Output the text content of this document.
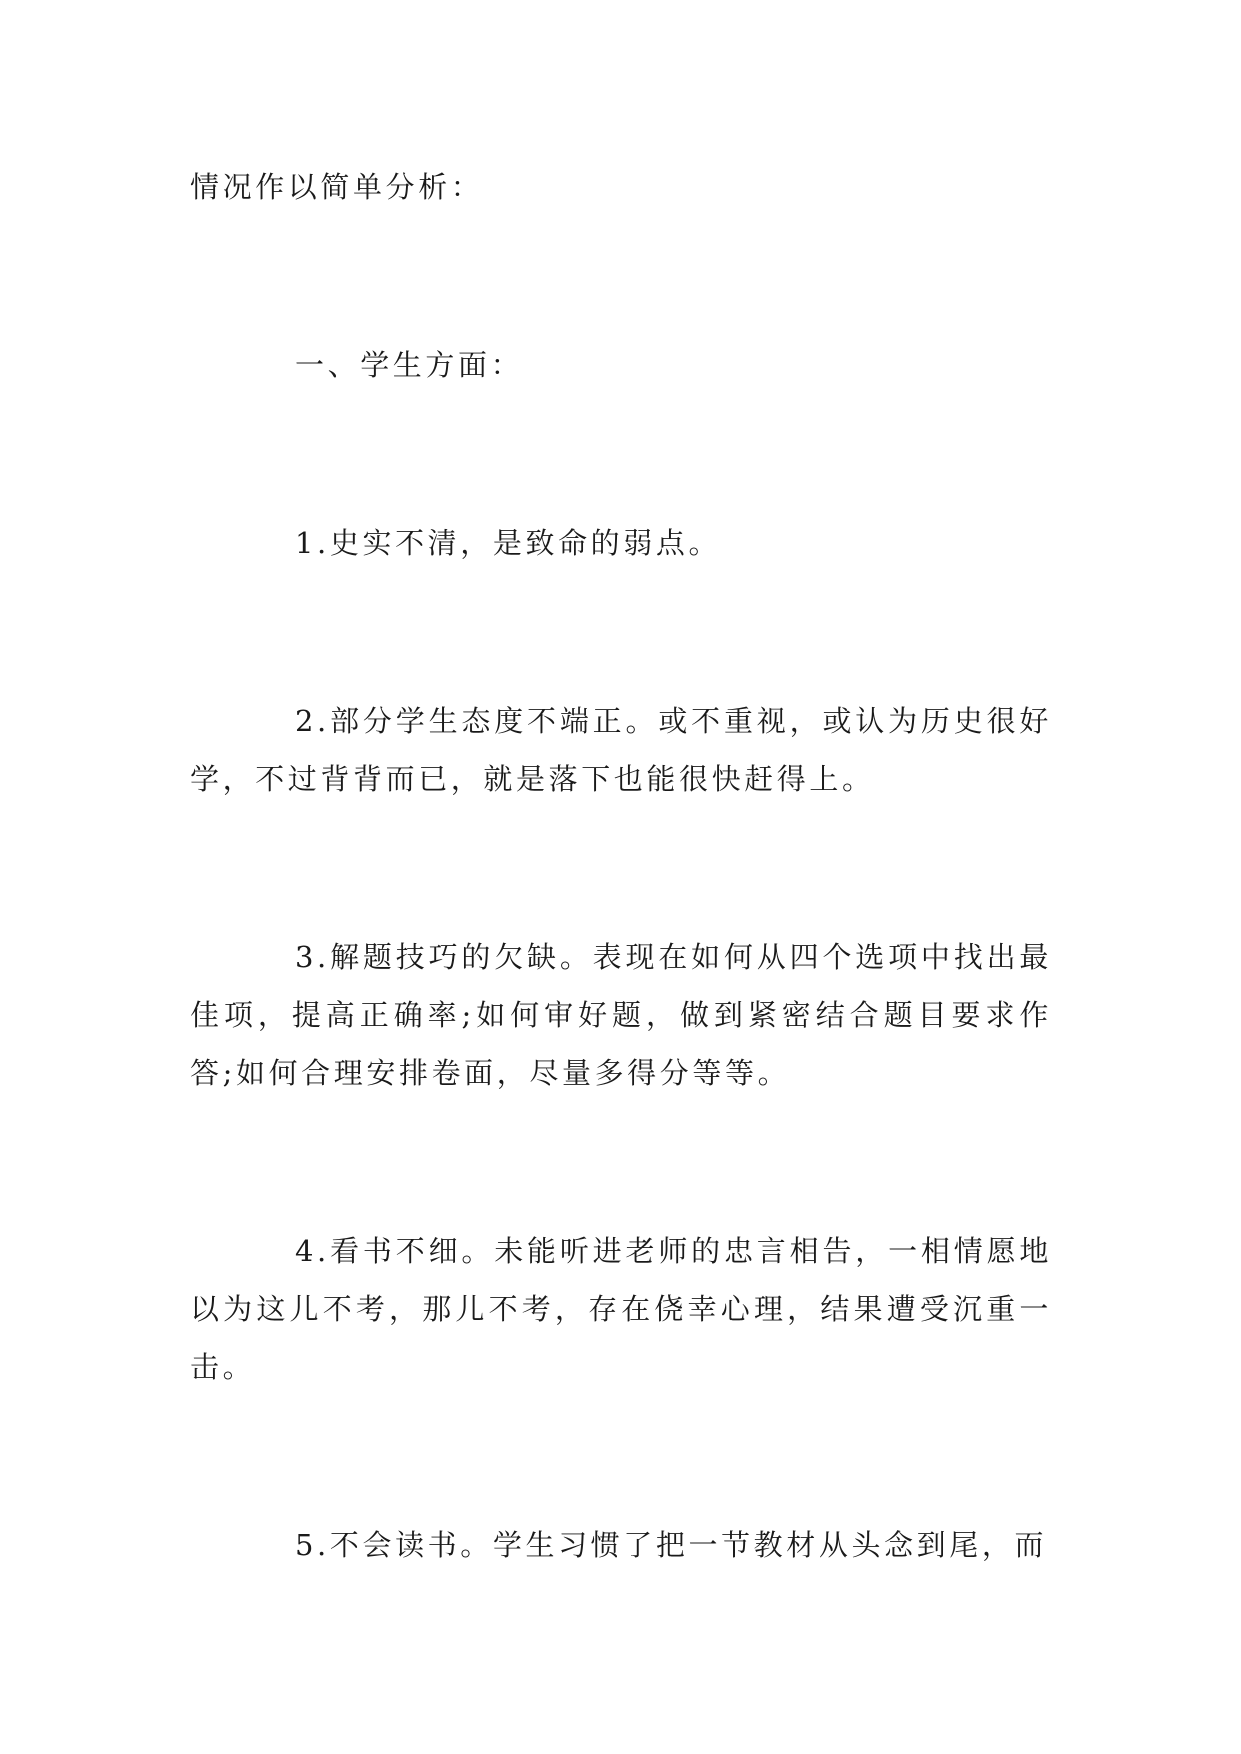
情况作以简单分析：

一、学生方面：

1.史实不清，是致命的弱点。

2.部分学生态度不端正。或不重视，或认为历史很好学，不过背背而已，就是落下也能很快赶得上。

3.解题技巧的欠缺。表现在如何从四个选项中找出最佳项，提高正确率;如何审好题，做到紧密结合题目要求作答;如何合理安排卷面，尽量多得分等等。

4.看书不细。未能听进老师的忠言相告，一相情愿地以为这儿不考，那儿不考，存在侥幸心理，结果遭受沉重一击。

5.不会读书。学生习惯了把一节教材从头念到尾，而
